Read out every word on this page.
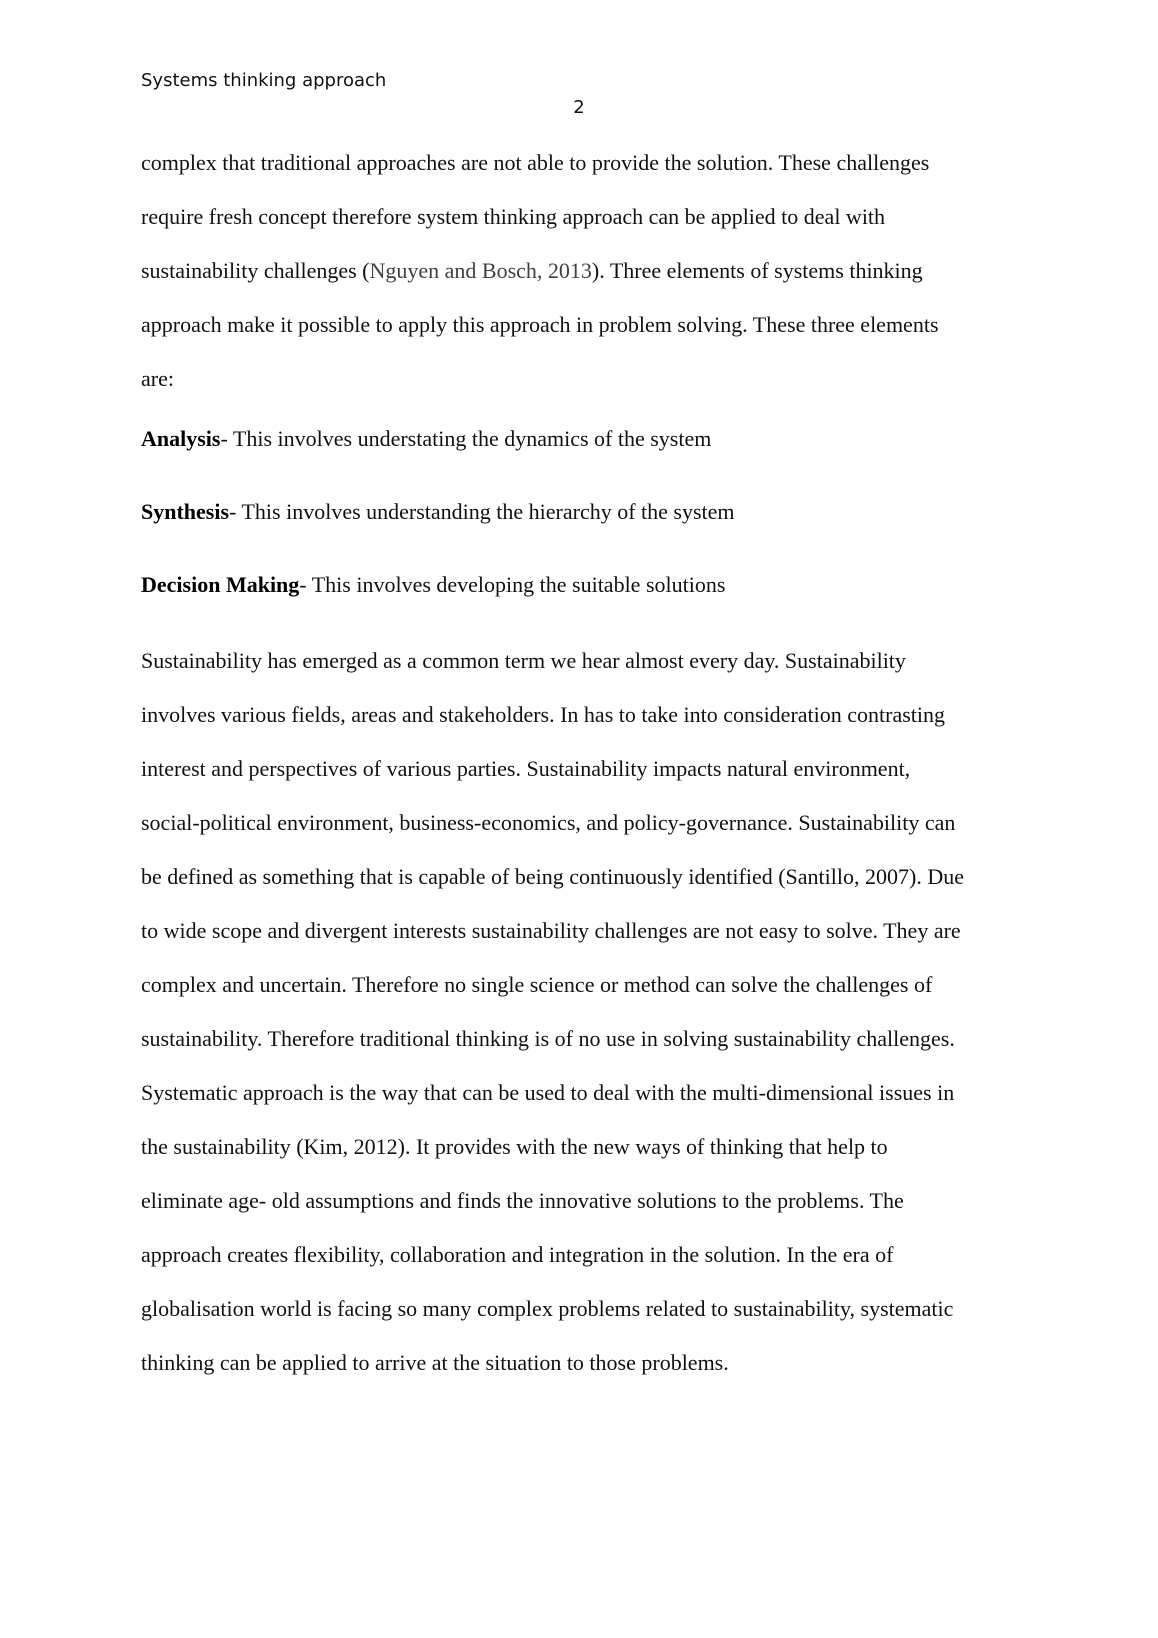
Systems thinking approach
2

complex that traditional approaches are not able to provide the solution. These challenges

require fresh concept therefore system thinking approach can be applied to deal with

sustainability challenges (Nguyen and Bosch, 2013). Three elements of systems thinking

approach make it possible to apply this approach in problem solving. These three elements

are:

Analysis- This involves understating the dynamics of the system

Synthesis- This involves understanding the hierarchy of the system

Decision Making- This involves developing the suitable solutions

Sustainability has emerged as a common term we hear almost every day. Sustainability

involves various fields, areas and stakeholders. In has to take into consideration contrasting

interest and perspectives of various parties. Sustainability impacts natural environment,

social-political environment, business-economics, and policy-governance. Sustainability can

be defined as something that is capable of being continuously identified (Santillo, 2007). Due

to wide scope and divergent interests sustainability challenges are not easy to solve. They are

complex and uncertain. Therefore no single science or method can solve the challenges of

sustainability. Therefore traditional thinking is of no use in solving sustainability challenges.

Systematic approach is the way that can be used to deal with the multi-dimensional issues in

the sustainability (Kim, 2012). It provides with the new ways of thinking that help to

eliminate age- old assumptions and finds the innovative solutions to the problems. The

approach creates flexibility, collaboration and integration in the solution. In the era of

globalisation world is facing so many complex problems related to sustainability, systematic

thinking can be applied to arrive at the situation to those problems.
